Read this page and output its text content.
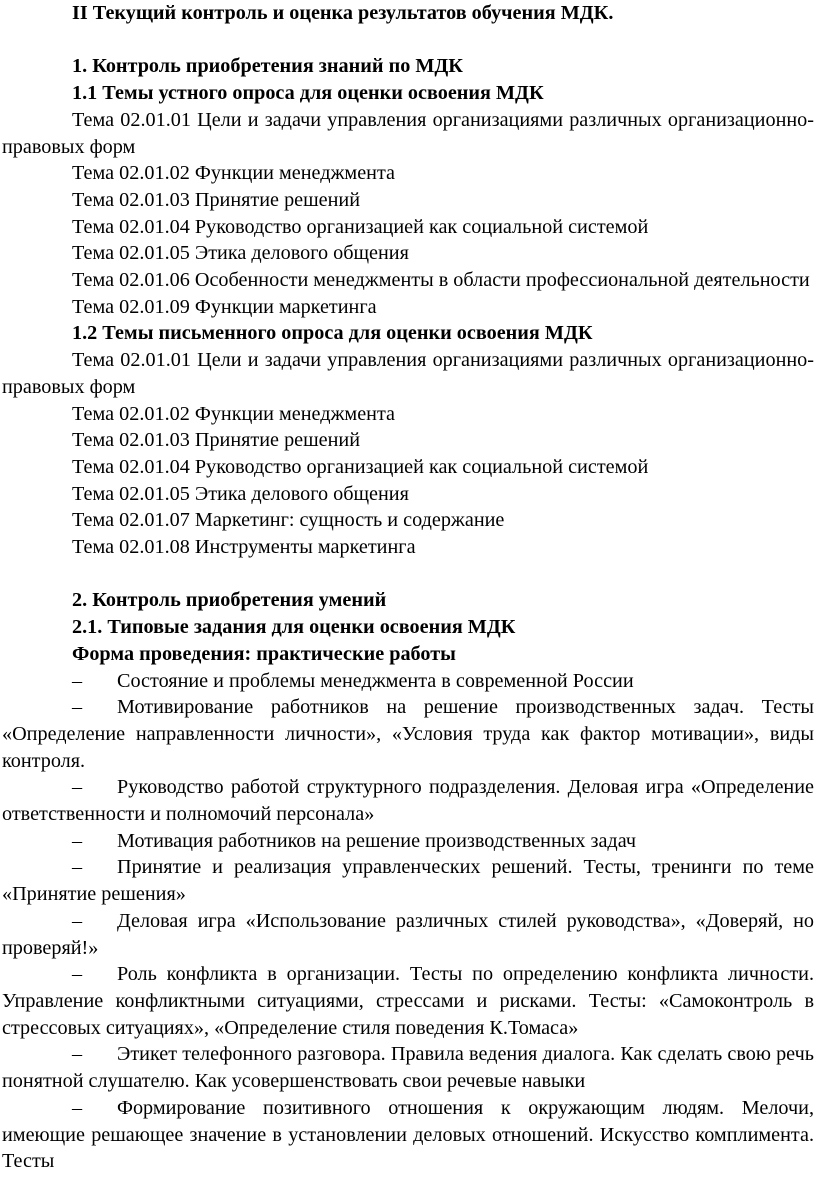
II Текущий контроль и оценка результатов обучения МДК.

1. Контроль приобретения знаний по МДК

1.1 Темы устного опроса для оценки освоения МДК

Тема 02.01.01 Цели и задачи управления организациями различных организационно-правовых форм

Тема 02.01.02 Функции менеджмента

Тема 02.01.03 Принятие решений

Тема 02.01.04 Руководство организацией как социальной системой

Тема 02.01.05 Этика делового общения

Тема 02.01.06 Особенности менеджменты в области профессиональной деятельности

Тема 02.01.09 Функции маркетинга

1.2 Темы письменного опроса для оценки освоения МДК

Тема 02.01.01 Цели и задачи управления организациями различных организационно-правовых форм

Тема 02.01.02 Функции менеджмента

Тема 02.01.03 Принятие решений

Тема 02.01.04 Руководство организацией как социальной системой

Тема 02.01.05 Этика делового общения

Тема 02.01.07 Маркетинг: сущность и содержание

Тема 02.01.08 Инструменты маркетинга

2. Контроль приобретения умений

2.1. Типовые задания для оценки освоения МДК

Форма проведения: практические работы

– Состояние и проблемы менеджмента в современной России

– Мотивирование работников на решение производственных задач. Тесты «Определение направленности личности», «Условия труда как фактор мотивации», виды контроля.

– Руководство работой структурного подразделения. Деловая игра «Определение ответственности и полномочий персонала»

– Мотивация работников на решение производственных задач

– Принятие и реализация управленческих решений. Тесты, тренинги по теме «Принятие решения»

– Деловая игра «Использование различных стилей руководства», «Доверяй, но проверяй!»

– Роль конфликта в организации. Тесты по определению конфликта личности. Управление конфликтными ситуациями, стрессами и рисками. Тесты: «Самоконтроль в стрессовых ситуациях», «Определение стиля поведения К.Томаса»

– Этикет телефонного разговора. Правила ведения диалога. Как сделать свою речь понятной слушателю. Как усовершенствовать свои речевые навыки

– Формирование позитивного отношения к окружающим людям. Мелочи, имеющие решающее значение в установлении деловых отношений. Искусство комплимента. Тесты
